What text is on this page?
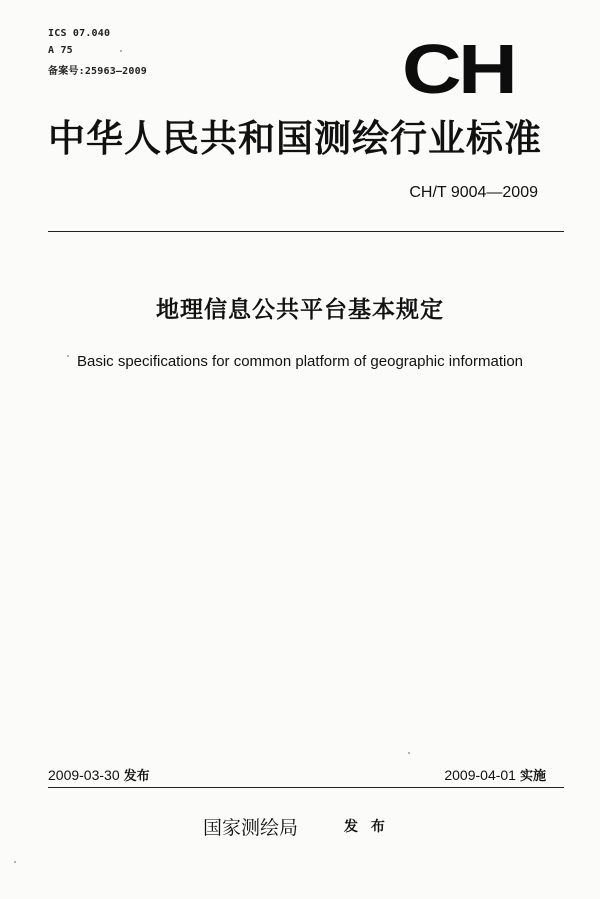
ICS 07.040
A 75
备案号:25963—2009	CH
中华人民共和国测绘行业标准
CH/T 9004—2009
地理信息公共平台基本规定
Basic specifications for common platform of geographic information
2009-03-30 发布	2009-04-01 实施
国家测绘局	发 布
